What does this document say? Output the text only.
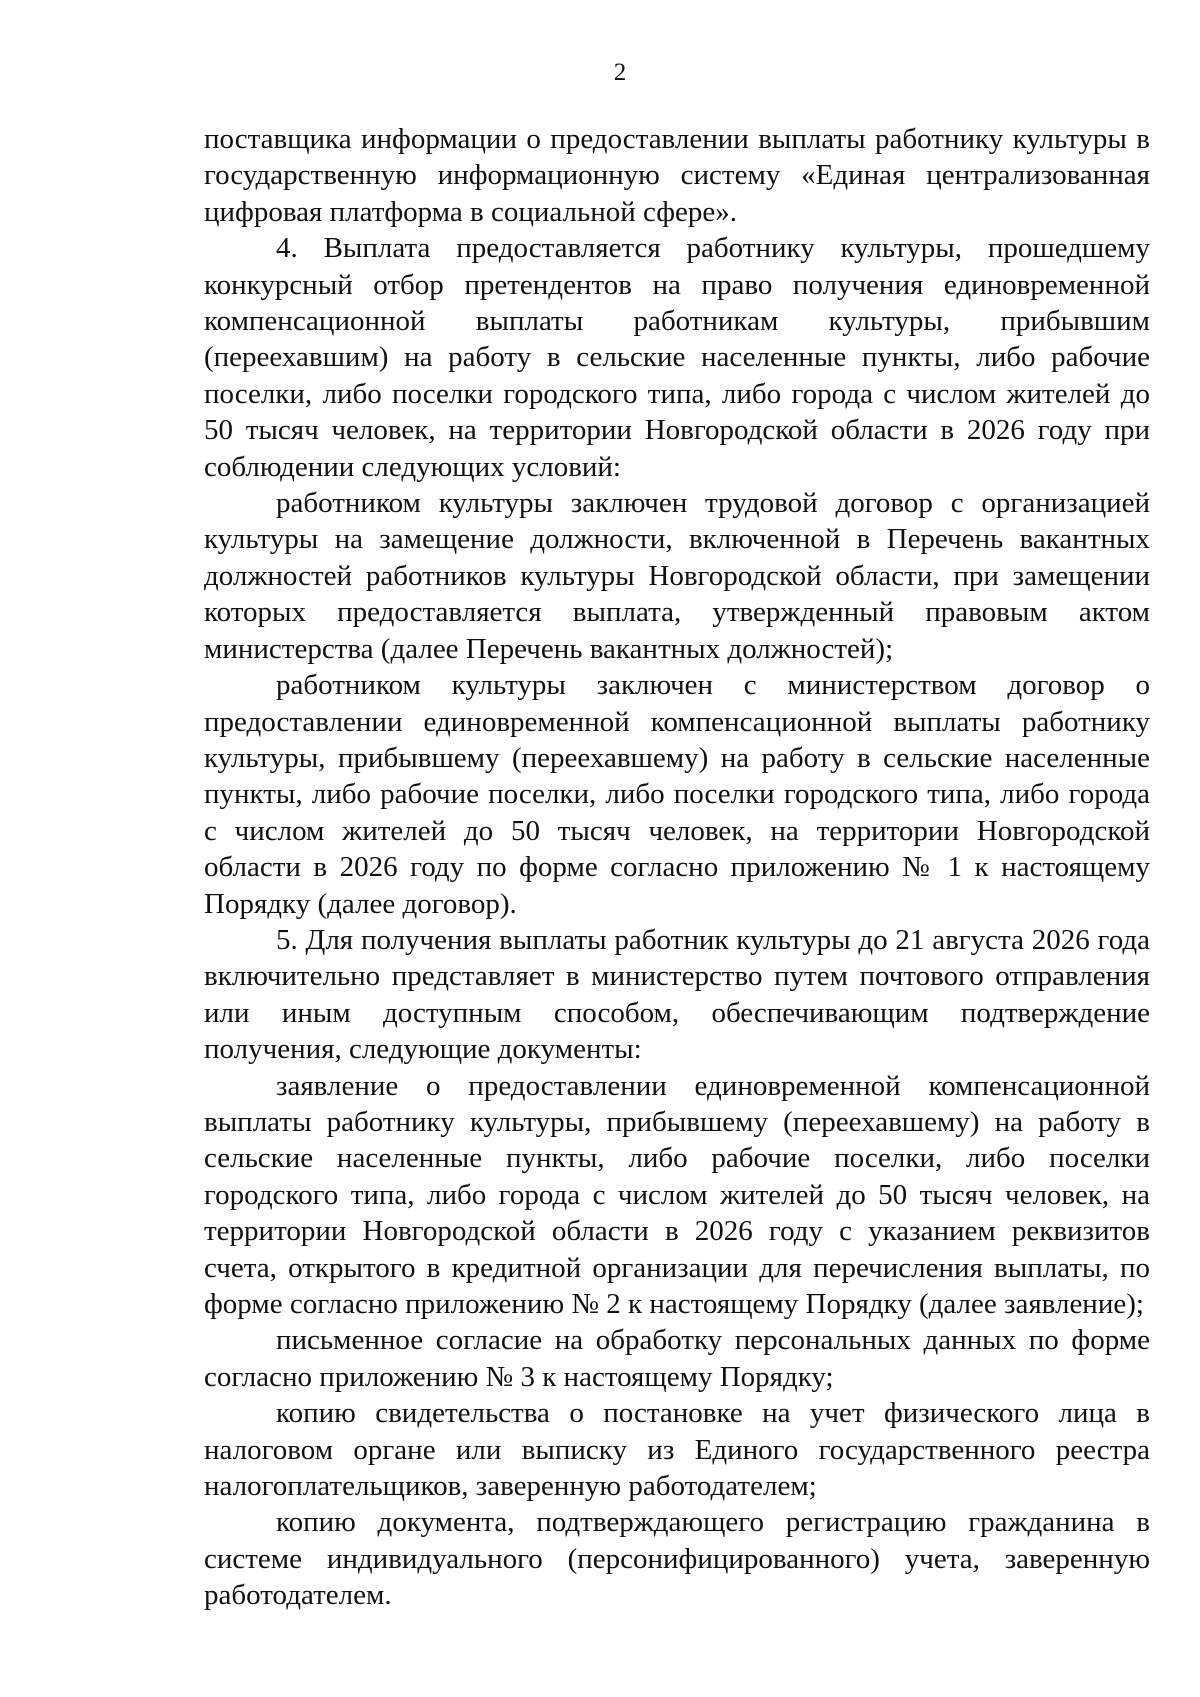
2

поставщика информации о предоставлении выплаты работнику культуры в государственную информационную систему «Единая централизованная цифровая платформа в социальной сфере».

4. Выплата предоставляется работнику культуры, прошедшему конкурсный отбор претендентов на право получения единовременной компенсационной выплаты работникам культуры, прибывшим (переехавшим) на работу в сельские населенные пункты, либо рабочие поселки, либо поселки городского типа, либо города с числом жителей до 50 тысяч человек, на территории Новгородской области в 2026 году при соблюдении следующих условий:

работником культуры заключен трудовой договор с организацией культуры на замещение должности, включенной в Перечень вакантных должностей работников культуры Новгородской области, при замещении которых предоставляется выплата, утвержденный правовым актом министерства (далее Перечень вакантных должностей);

работником культуры заключен с министерством договор о предоставлении единовременной компенсационной выплаты работнику культуры, прибывшему (переехавшему) на работу в сельские населенные пункты, либо рабочие поселки, либо поселки городского типа, либо города с числом жителей до 50 тысяч человек, на территории Новгородской области в 2026 году по форме согласно приложению № 1 к настоящему Порядку (далее договор).

5. Для получения выплаты работник культуры до 21 августа 2026 года включительно представляет в министерство путем почтового отправления или иным доступным способом, обеспечивающим подтверждение получения, следующие документы:

заявление о предоставлении единовременной компенсационной выплаты работнику культуры, прибывшему (переехавшему) на работу в сельские населенные пункты, либо рабочие поселки, либо поселки городского типа, либо города с числом жителей до 50 тысяч человек, на территории Новгородской области в 2026 году с указанием реквизитов счета, открытого в кредитной организации для перечисления выплаты, по форме согласно приложению № 2 к настоящему Порядку (далее заявление);

письменное согласие на обработку персональных данных по форме согласно приложению № 3 к настоящему Порядку;

копию свидетельства о постановке на учет физического лица в налоговом органе или выписку из Единого государственного реестра налогоплательщиков, заверенную работодателем;

копию документа, подтверждающего регистрацию гражданина в системе индивидуального (персонифицированного) учета, заверенную работодателем.
